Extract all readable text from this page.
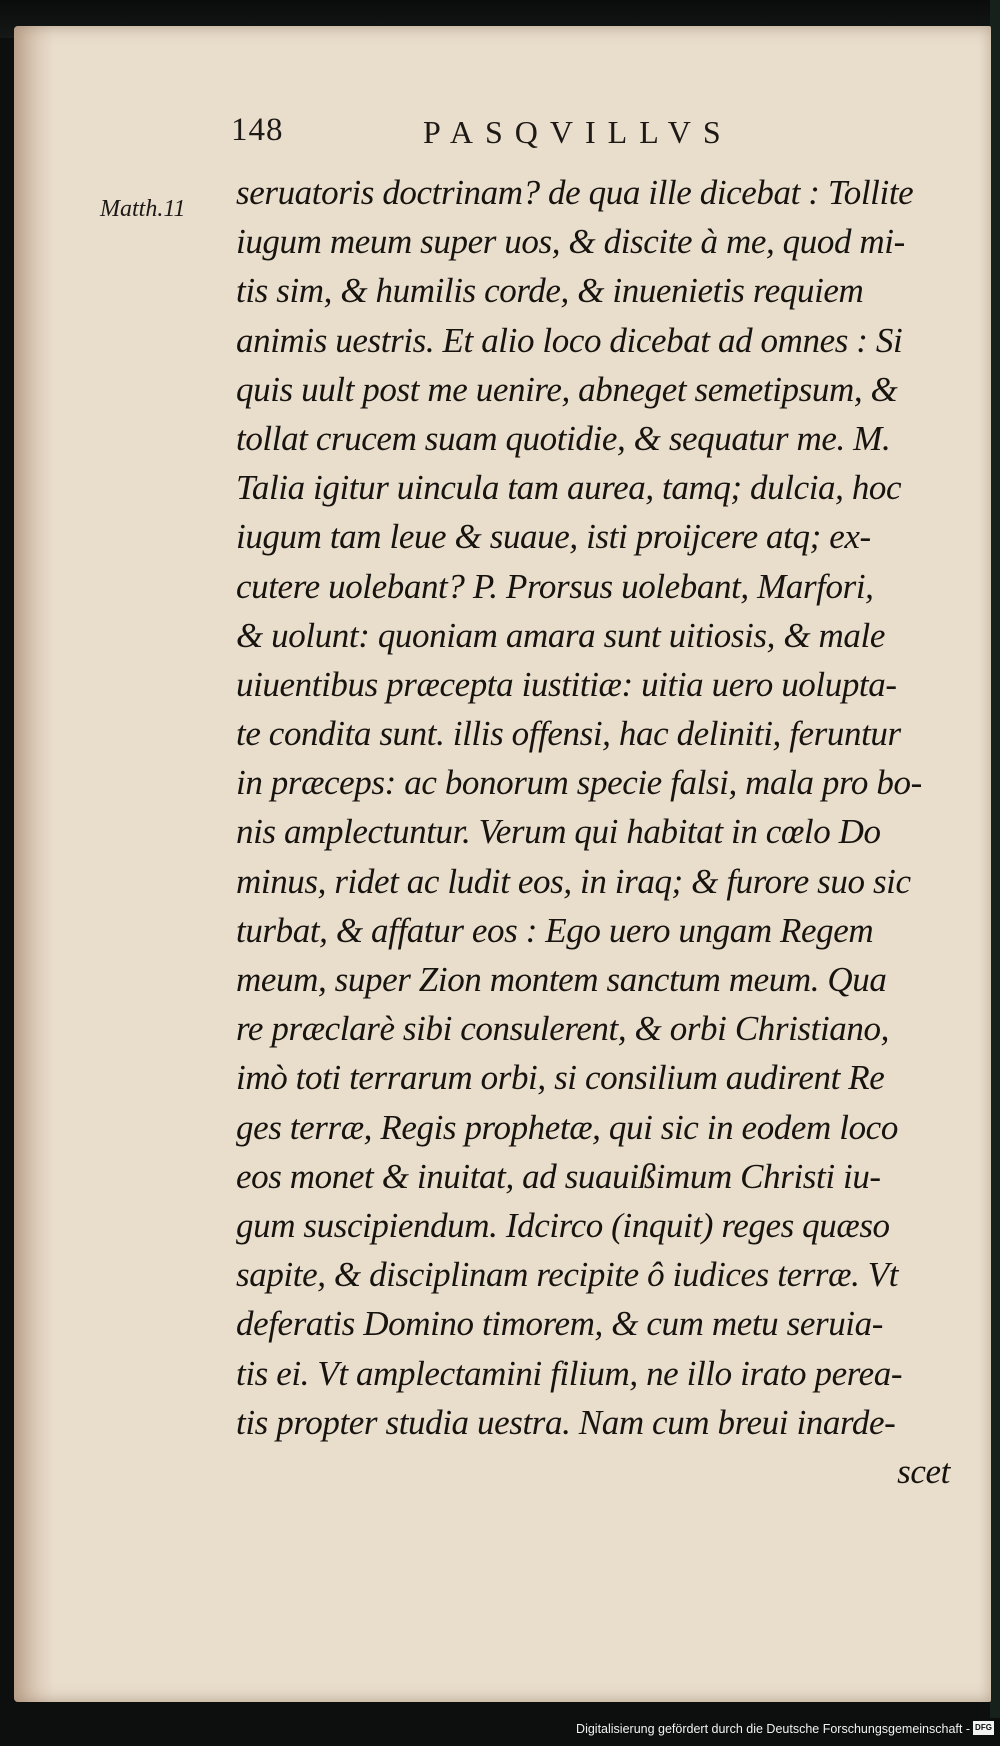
148	PASQVILLVS
Matth.11 seruatoris doctrinam? de qua ille dicebat : Tollite
iugum meum super uos, & discite à me, quod mi-
tis sim, & humilis corde, & inuenietis requiem
animis uestris. Et alio loco dicebat ad omnes : Si
quis uult post me uenire, abneget semetipsum, &
tollat crucem suam quotidie, & sequatur me. M.
Talia igitur uincula tam aurea, tamq; dulcia, hoc
iugum tam leue & suaue, isti proijcere atq; ex-
cutere uolebant? P. Prorsus uolebant, Marfori,
& uolunt: quoniam amara sunt uitiosis, & male
uiuentibus præcepta iustitiæ: uitia uero uolupta-
te condita sunt. illis offensi, hac deliniti, feruntur
in præceps: ac bonorum specie falsi, mala pro bo-
nis amplectuntur. Verum qui habitat in cœlo Do
minus, ridet ac ludit eos, in iraq; & furore suo sic
turbat, & affatur eos : Ego uero ungam Regem
meum, super Zion montem sanctum meum. Qua
re præclarè sibi consulerent, & orbi Christiano,
imò toti terrarum orbi, si consilium audirent Re
ges terræ, Regis prophetæ, qui sic in eodem loco
eos monet & inuitat, ad suauißimum Christi iu-
gum suscipiendum. Idcirco (inquit) reges quæso
sapite, & disciplinam recipite ô iudices terræ. Vt
deferatis Domino timorem, & cum metu seruia-
tis ei. Vt amplectamini filium, ne illo irato perea-
tis propter studia uestra. Nam cum breui inarde-
scet
Digitalisierung gefördert durch die Deutsche Forschungsgemeinschaft - DFG
